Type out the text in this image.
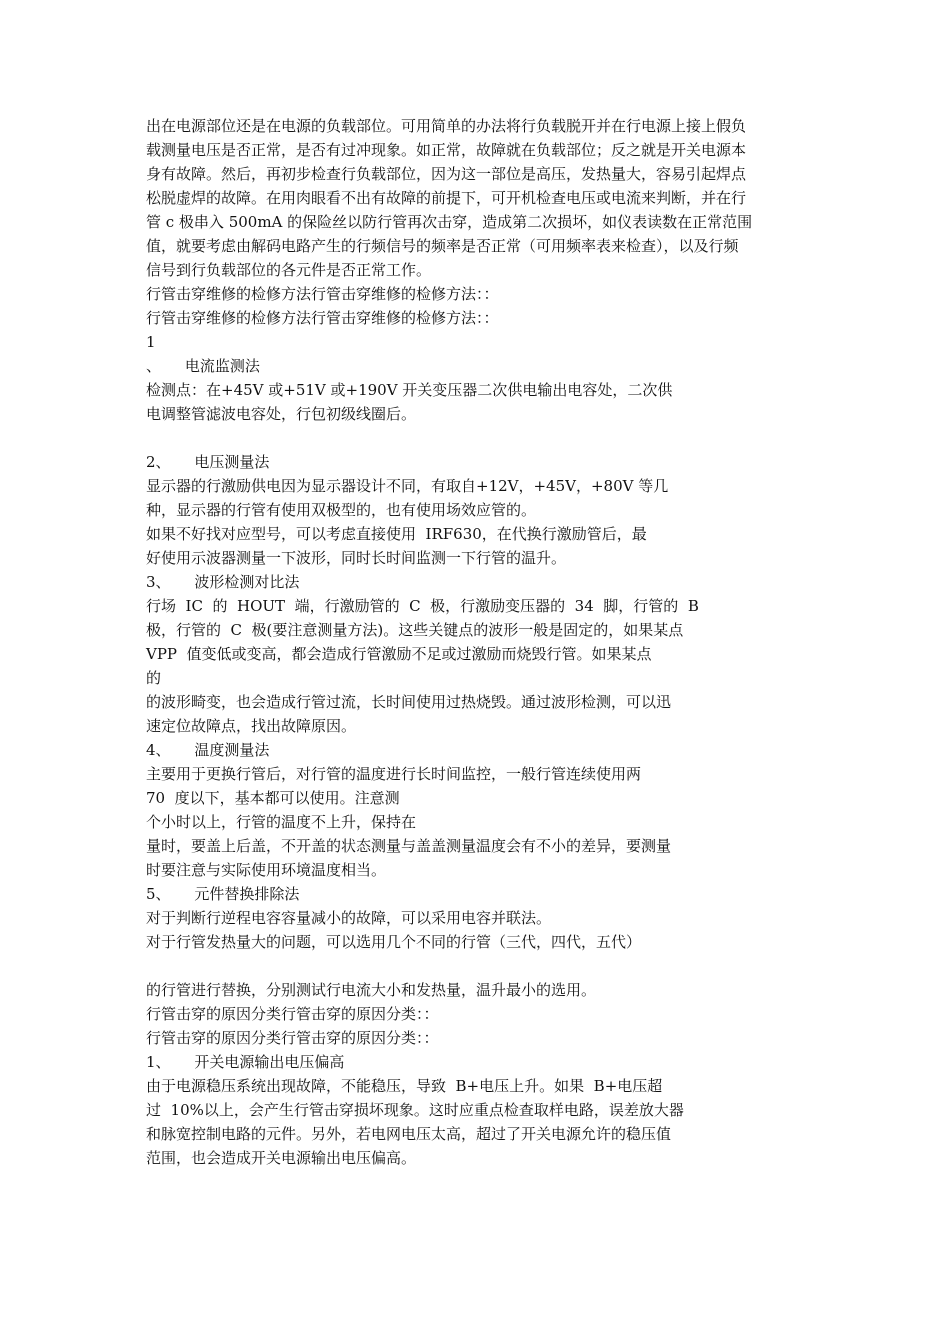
出在电源部位还是在电源的负载部位。可用简单的办法将行负载脱开并在行电源上接上假负
载测量电压是否正常，是否有过冲现象。如正常，故障就在负载部位；反之就是开关电源本
身有故障。然后，再初步检查行负载部位，因为这一部位是高压，发热量大，容易引起焊点
松脱虚焊的故障。在用肉眼看不出有故障的前提下，可开机检查电压或电流来判断，并在行
管 c 极串入 500mA 的保险丝以防行管再次击穿，造成第二次损坏，如仪表读数在正常范围
值，就要考虑由解码电路产生的行频信号的频率是否正常（可用频率表来检查），以及行频
信号到行负载部位的各元件是否正常工作。
行管击穿维修的检修方法行管击穿维修的检修方法：：
行管击穿维修的检修方法行管击穿维修的检修方法：：
1
、     电流监测法
检测点：在+45V 或+51V 或+190V 开关变压器二次供电输出电容处，二次供
电调整管滤波电容处，行包初级线圈后。
2、     电压测量法
显示器的行激励供电因为显示器设计不同，有取自+12V，+45V，+80V 等几
种，显示器的行管有使用双极型的，也有使用场效应管的。
如果不好找对应型号，可以考虑直接使用  IRF630，在代换行激励管后，最
好使用示波器测量一下波形，同时长时间监测一下行管的温升。
3、     波形检测对比法
行场  IC  的  HOUT  端，行激励管的  C  极，行激励变压器的  34  脚，行管的  B
极，行管的  C  极(要注意测量方法)。这些关键点的波形一般是固定的，如果某点
VPP  值变低或变高，都会造成行管激励不足或过激励而烧毁行管。如果某点
的
的波形畸变，也会造成行管过流，长时间使用过热烧毁。通过波形检测，可以迅
速定位故障点，找出故障原因。
4、     温度测量法
主要用于更换行管后，对行管的温度进行长时间监控，一般行管连续使用两
70  度以下，基本都可以使用。注意测
个小时以上，行管的温度不上升，保持在
量时，要盖上后盖，不开盖的状态测量与盖盖测量温度会有不小的差异，要测量
时要注意与实际使用环境温度相当。
5、     元件替换排除法
对于判断行逆程电容容量减小的故障，可以采用电容并联法。
对于行管发热量大的问题，可以选用几个不同的行管（三代，四代，五代）
的行管进行替换，分别测试行电流大小和发热量，温升最小的选用。
行管击穿的原因分类行管击穿的原因分类：：
行管击穿的原因分类行管击穿的原因分类：：
1、     开关电源输出电压偏高
由于电源稳压系统出现故障，不能稳压，导致  B+电压上升。如果  B+电压超
过  10%以上，会产生行管击穿损坏现象。这时应重点检查取样电路，误差放大器
和脉宽控制电路的元件。另外，若电网电压太高，超过了开关电源允许的稳压值
范围，也会造成开关电源输出电压偏高。
